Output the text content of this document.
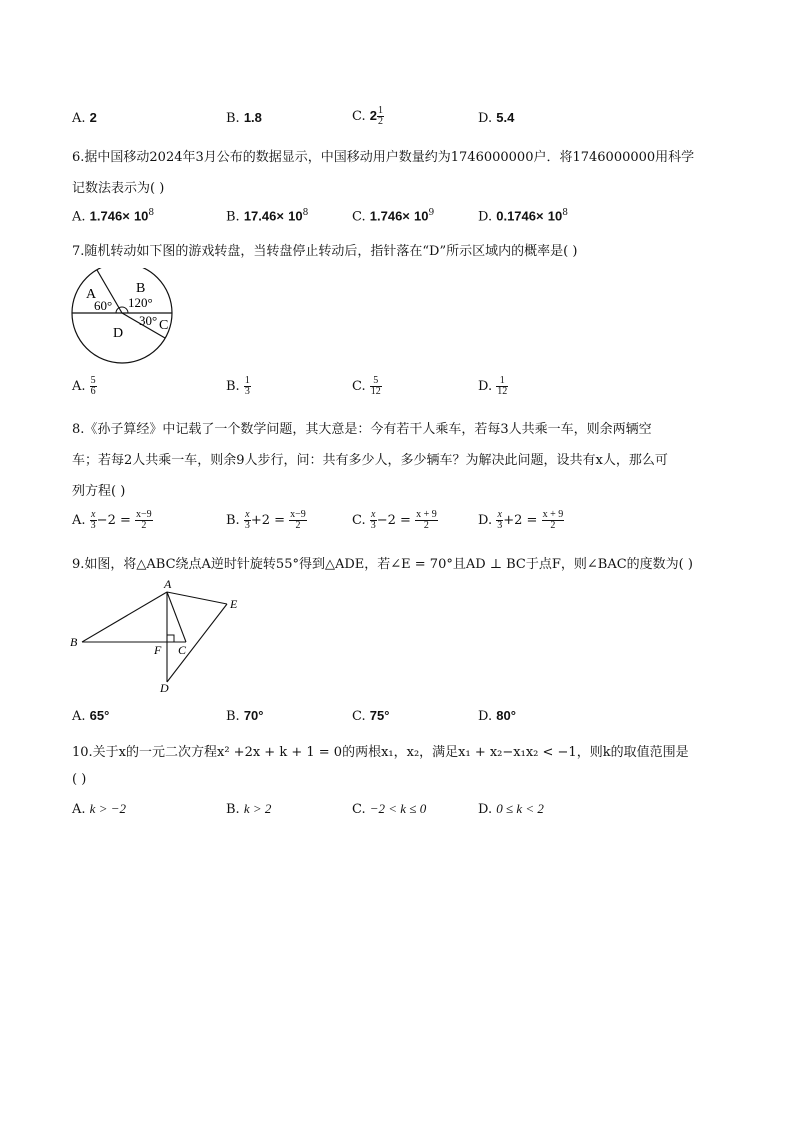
A. 2	B. 1.8	C. $2 \frac{1}{2}$	D. 5.4
6.据中国移动2024年3月公布的数据显示，中国移动用户数量约为1746000000户．将1746000000用科学
记数法表示为( )
A. $1.746\times 10^8$	B. $17.46\times 10^8$	C. $1.746\times 10^9$	D. $0.1746\times 10^8$
7.随机转动如下图的游戏转盘，当转盘停止转动后，指针落在“D”所示区域内的概率是( )
A	B
60° 120°
30° C
D
A. $\frac{5}{6}$	B. $\frac{1}{3}$	C. $\frac{5}{12}$	D. $\frac{1}{12}$
8.《孙子算经》中记载了一个数学问题，其大意是：今有若干人乘车，若每3人共乘一车，则余两辆空
车；若每2人共乘一车，则余9人步行，问：共有多少人，多少辆车？为解决此问题，设共有x人，那么可
列方程( )
A. $\frac{x}{3} -2 = \frac{x-9}{2}$	B. $\frac{x}{3} +2 = \frac{x-9}{2}$	C. $\frac{x}{3} -2 = \frac{x + 9}{2}$	D. $\frac{x}{3} +2 = \frac{x + 9}{2}$
9.如图，将△ABC绕点A逆时针旋转55°得到△ADE，若∠E = 70°且AD ⊥ BC于点F，则∠BAC的度数为( )
A
B
C
D
E
F
A. 65°	B. 70°	C. 75°	D. 80°
10.关于x的一元二次方程x² +2x + k + 1 = 0的两根x₁，x₂，满足x₁ + x₂−x₁x₂ < −1，则k的取值范围是
( )
A. k > −2	B. k > 2	C. −2 < k ≤ 0	D. 0 ≤ k < 2
